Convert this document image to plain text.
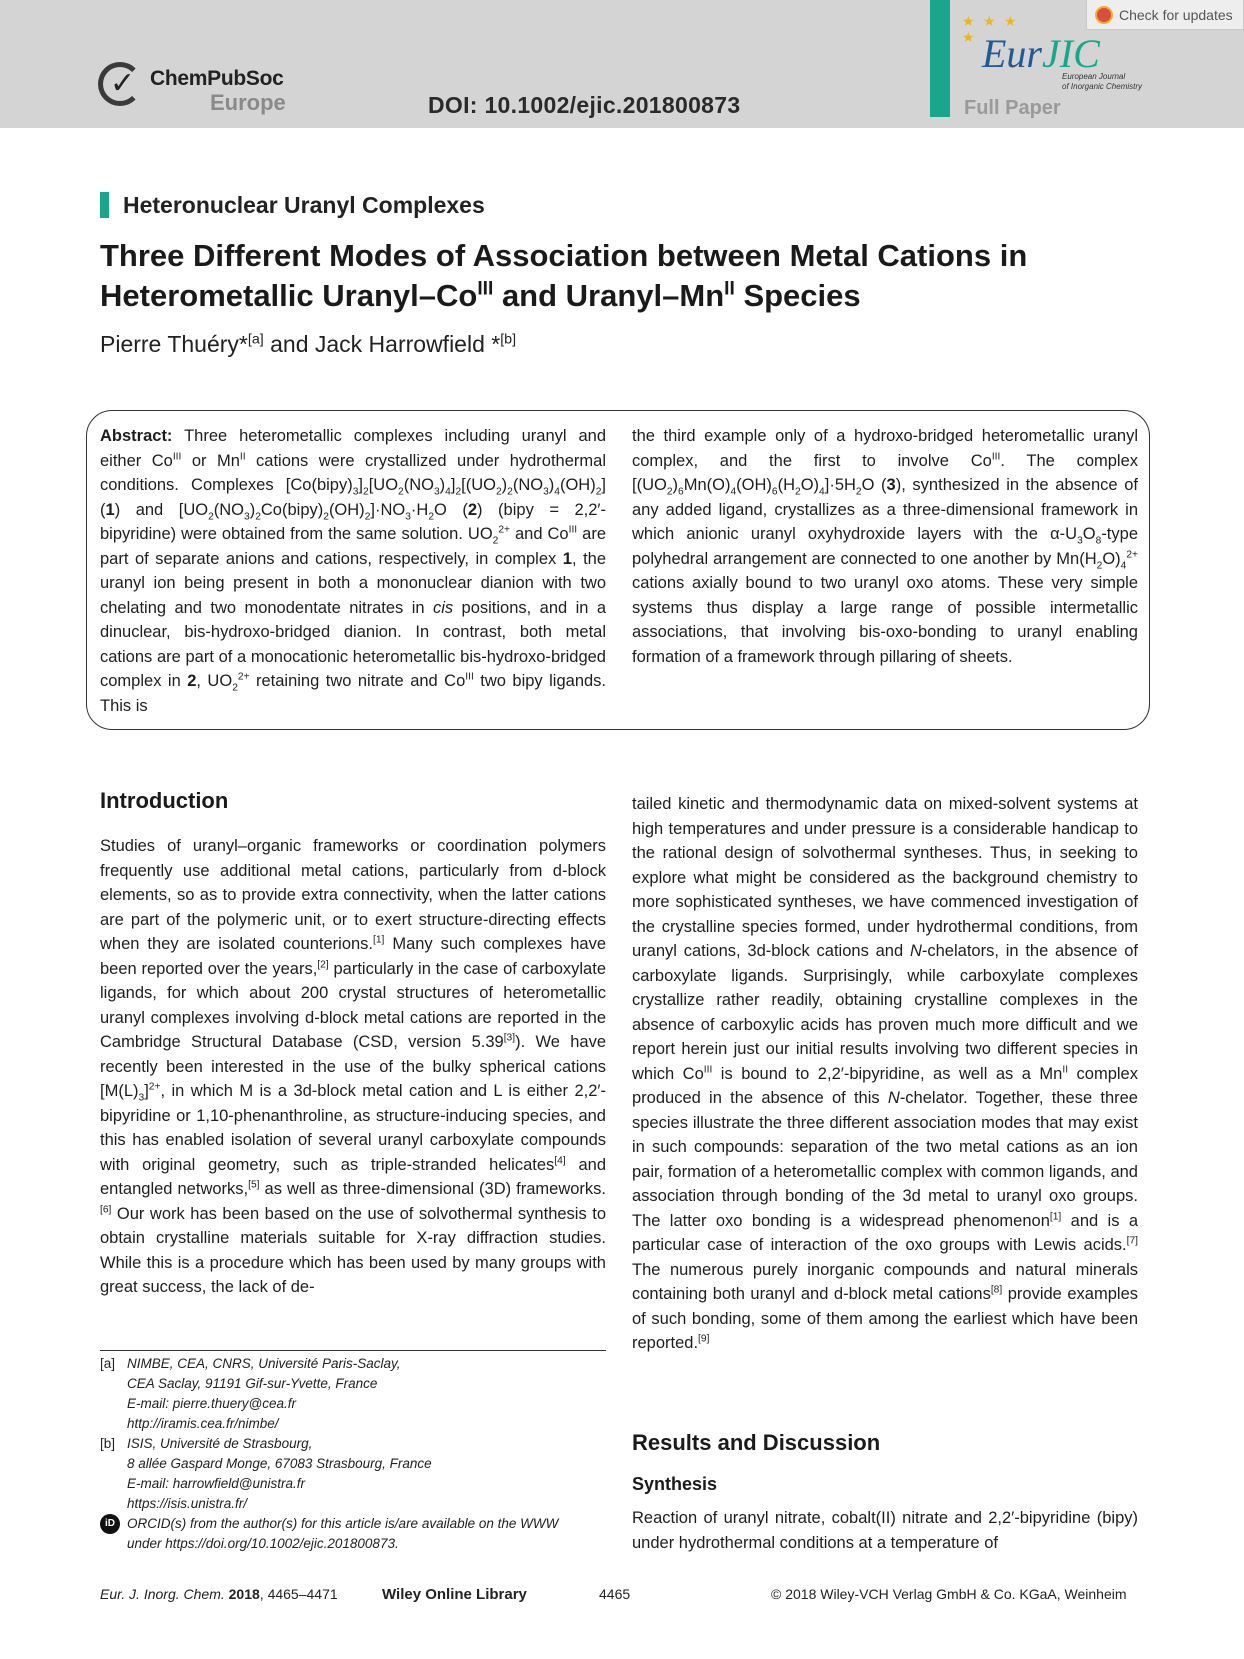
✓ ChemPubSoc
Europe	DOI: 10.1002/ejic.201800873
★ ★ ★
★ EurJIC
European Journal
of Inorganic Chemistry
Full Paper
Check for updates
Heteronuclear Uranyl Complexes
Three Different Modes of Association between Metal Cations in Heterometallic Uranyl–$Co^{III}$ and Uranyl–$Mn^{II}$ Species
Pierre Thuéry*[a] and Jack Harrowfield *[b]

Abstract: Three heterometallic complexes including uranyl and either $Co^{III}$ or $Mn^{II}$ cations were crystallized under hydrothermal conditions. Complexes $[Co(bipy)_3]_2[UO_2(NO_3)_4]_2[(UO_2)_2(NO_3)_4(OH)_2]$ (1) and $[UO_2(NO_3)_2Co(bipy)_2(OH)_2]\cdot NO_3\cdot H_2O$ (2) (bipy = 2,2′-bipyridine) were obtained from the same solution. $UO_2^{2+}$ and $Co^{III}$ are part of separate anions and cations, respectively, in complex 1, the uranyl ion being present in both a mononuclear dianion with two chelating and two monodentate nitrates in cis positions, and in a dinuclear, bis-hydroxo-bridged dianion. In contrast, both metal cations are part of a monocationic heterometallic bis-hydroxo-bridged complex in 2, $UO_2^{2+}$ retaining two nitrate and $Co^{III}$ two bipy ligands. This is

the third example only of a hydroxo-bridged heterometallic uranyl complex, and the first to involve $Co^{III}$. The complex $[(UO_2)_6Mn(O)_4(OH)_6(H_2O)_4]\cdot 5H_2O$ (3), synthesized in the absence of any added ligand, crystallizes as a three-dimensional framework in which anionic uranyl oxyhydroxide layers with the $\alpha-U_3O_8$-type polyhedral arrangement are connected to one another by $Mn(H_2O)_4^{2+}$ cations axially bound to two uranyl oxo atoms. These very simple systems thus display a large range of possible intermetallic associations, that involving bis-oxo-bonding to uranyl enabling formation of a framework through pillaring of sheets.

Introduction

Studies of uranyl–organic frameworks or coordination polymers frequently use additional metal cations, particularly from d-block elements, so as to provide extra connectivity, when the latter cations are part of the polymeric unit, or to exert structure-directing effects when they are isolated counterions.[1] Many such complexes have been reported over the years,[2] particularly in the case of carboxylate ligands, for which about 200 crystal structures of heterometallic uranyl complexes involving d-block metal cations are reported in the Cambridge Structural Database (CSD, version 5.39[3]). We have recently been interested in the use of the bulky spherical cations $[M(L)_3]^{2+}$, in which M is a 3d-block metal cation and L is either 2,2′-bipyridine or 1,10-phenanthroline, as structure-inducing species, and this has enabled isolation of several uranyl carboxylate compounds with original geometry, such as triple-stranded helicates[4] and entangled networks,[5] as well as three-dimensional (3D) frameworks.[6] Our work has been based on the use of solvothermal synthesis to obtain crystalline materials suitable for X-ray diffraction studies. While this is a procedure which has been used by many groups with great success, the lack of de-

tailed kinetic and thermodynamic data on mixed-solvent systems at high temperatures and under pressure is a considerable handicap to the rational design of solvothermal syntheses. Thus, in seeking to explore what might be considered as the background chemistry to more sophisticated syntheses, we have commenced investigation of the crystalline species formed, under hydrothermal conditions, from uranyl cations, 3d-block cations and N-chelators, in the absence of carboxylate ligands. Surprisingly, while carboxylate complexes crystallize rather readily, obtaining crystalline complexes in the absence of carboxylic acids has proven much more difficult and we report herein just our initial results involving two different species in which $Co^{III}$ is bound to 2,2′-bipyridine, as well as a $Mn^{II}$ complex produced in the absence of this N-chelator. Together, these three species illustrate the three different association modes that may exist in such compounds: separation of the two metal cations as an ion pair, formation of a heterometallic complex with common ligands, and association through bonding of the 3d metal to uranyl oxo groups. The latter oxo bonding is a widespread phenomenon[1] and is a particular case of interaction of the oxo groups with Lewis acids.[7] The numerous purely inorganic compounds and natural minerals containing both uranyl and d-block metal cations[8] provide examples of such bonding, some of them among the earliest which have been reported.[9]

Results and Discussion
Synthesis

Reaction of uranyl nitrate, cobalt(II) nitrate and 2,2′-bipyridine (bipy) under hydrothermal conditions at a temperature of

[a] NIMBE, CEA, CNRS, Université Paris-Saclay,
CEA Saclay, 91191 Gif-sur-Yvette, France
E-mail: pierre.thuery@cea.fr
http://iramis.cea.fr/nimbe/
[b] ISIS, Université de Strasbourg,
8 allée Gaspard Monge, 67083 Strasbourg, France
E-mail: harrowfield@unistra.fr
https://isis.unistra.fr/
iD ORCID(s) from the author(s) for this article is/are available on the WWW
under https://doi.org/10.1002/ejic.201800873.
Eur. J. Inorg. Chem. 2018, 4465–4471	Wiley Online Library	4465	© 2018 Wiley-VCH Verlag GmbH & Co. KGaA, Weinheim
